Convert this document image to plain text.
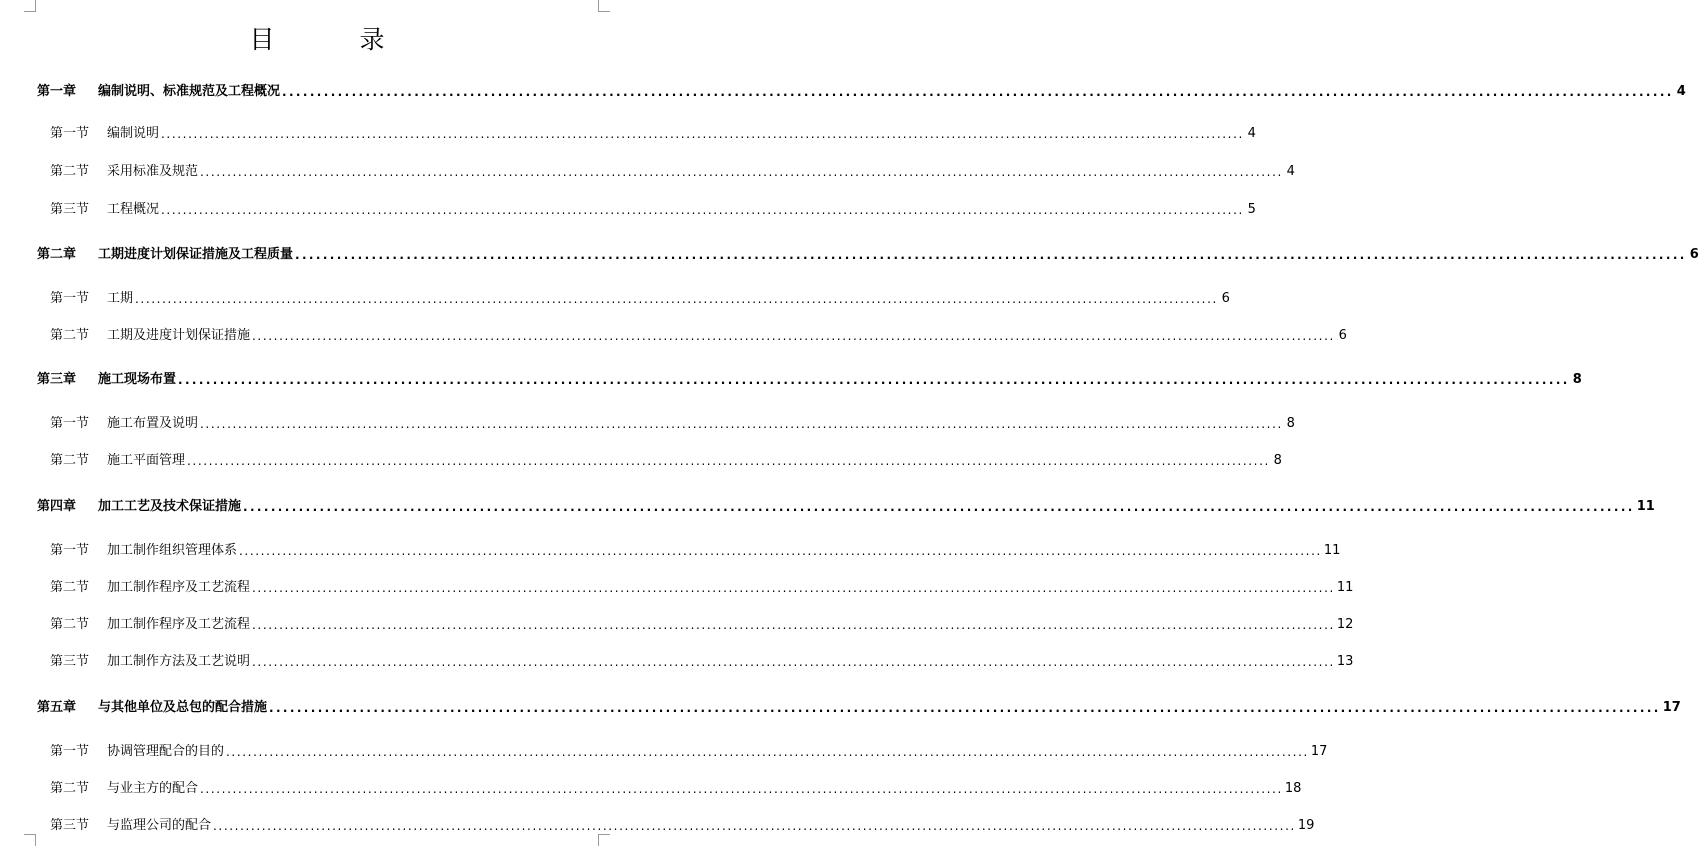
目　录
第一章	编制说明、标准规范及工程概况 ........................................................................................................................................................................................................ 4
第一节	编制说明 ........................................................................................................................................................................................................ 4
第二节	采用标准及规范 ........................................................................................................................................................................................................ 4
第三节	工程概况 ........................................................................................................................................................................................................ 5
第二章	工期进度计划保证措施及工程质量 ........................................................................................................................................................................................................ 6
第一节	工期 ........................................................................................................................................................................................................ 6
第二节	工期及进度计划保证措施 ........................................................................................................................................................................................................ 6
第三章	施工现场布置 ........................................................................................................................................................................................................ 8
第一节	施工布置及说明 ........................................................................................................................................................................................................ 8
第二节	施工平面管理 ........................................................................................................................................................................................................ 8
第四章	加工工艺及技术保证措施 ........................................................................................................................................................................................................ 11
第一节	加工制作组织管理体系 ........................................................................................................................................................................................................ 11
第二节	加工制作程序及工艺流程 ........................................................................................................................................................................................................ 11
第二节	加工制作程序及工艺流程 ........................................................................................................................................................................................................ 12
第三节	加工制作方法及工艺说明 ........................................................................................................................................................................................................ 13
第五章	与其他单位及总包的配合措施 ........................................................................................................................................................................................................ 17
第一节	协调管理配合的目的 ........................................................................................................................................................................................................ 17
第二节	与业主方的配合 ........................................................................................................................................................................................................ 18
第三节	与监理公司的配合 ........................................................................................................................................................................................................ 19
